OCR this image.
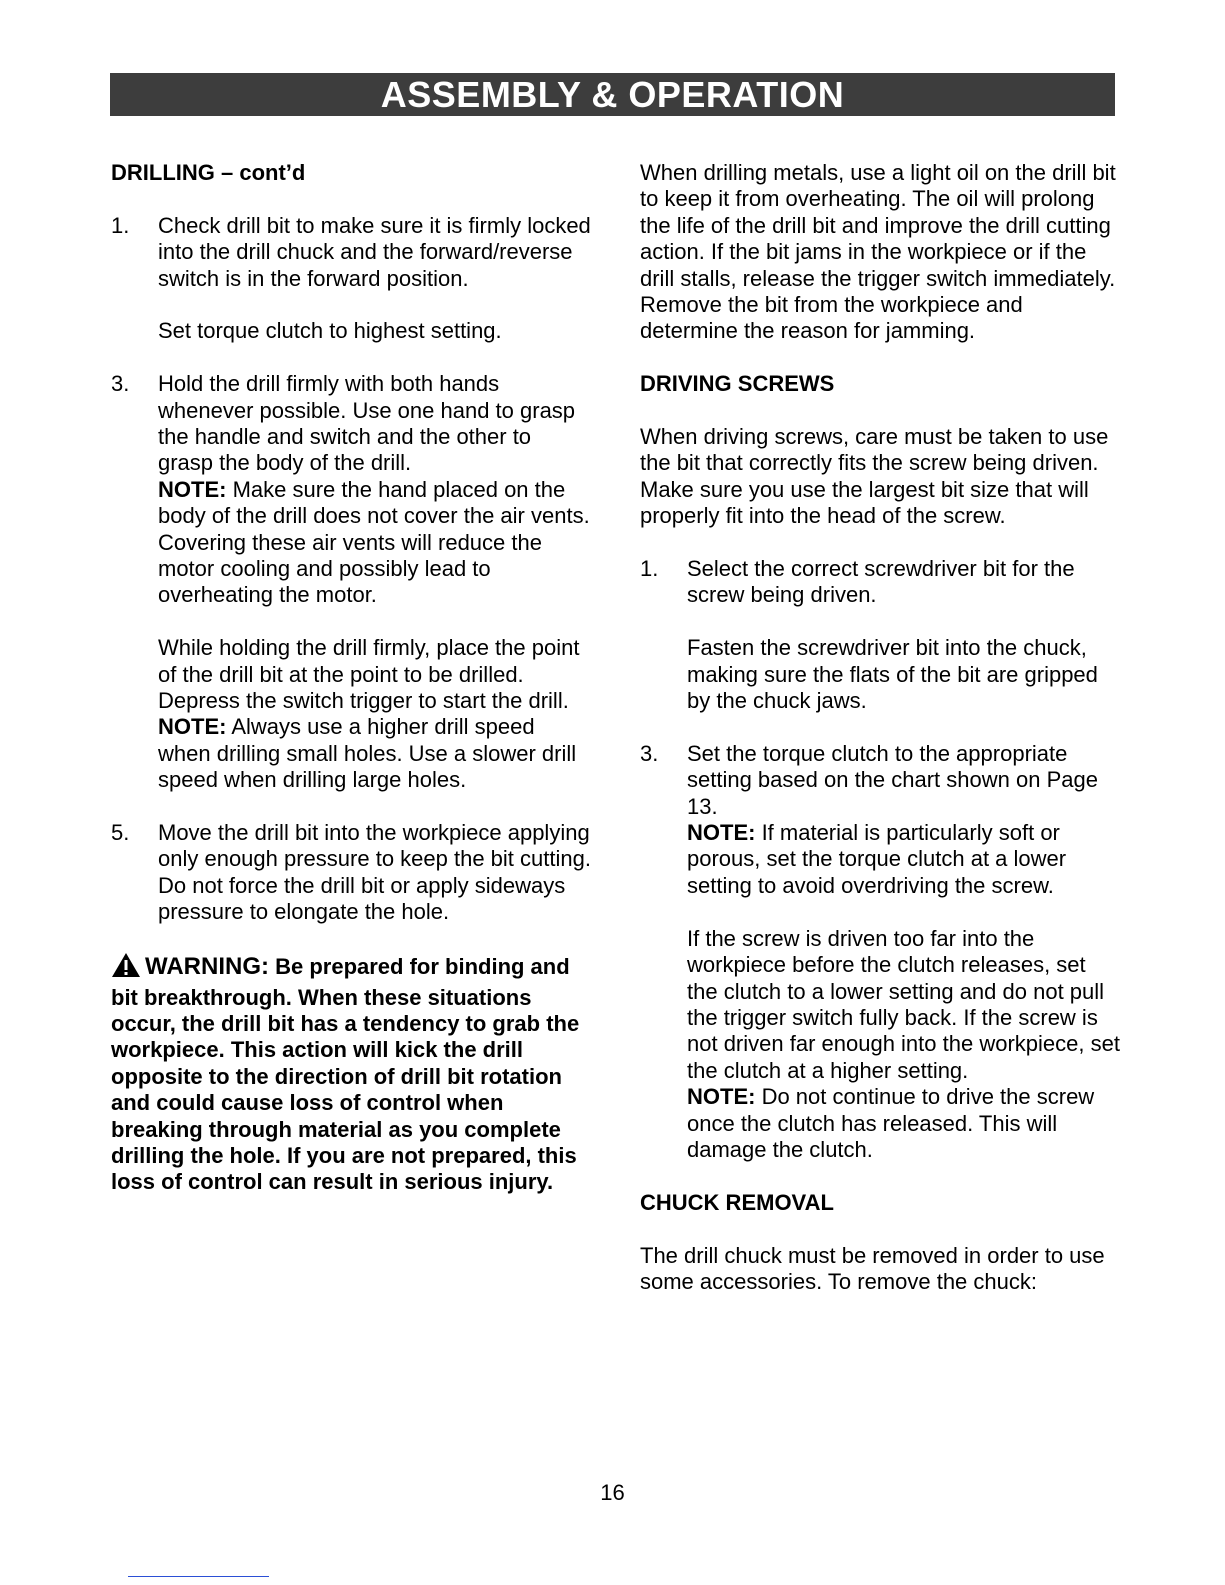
ASSEMBLY & OPERATION
DRILLING – cont’d
1. Check drill bit to make sure it is firmly locked into the drill chuck and the forward/reverse switch is in the forward position.
Set torque clutch to highest setting.
3. Hold the drill firmly with both hands whenever possible. Use one hand to grasp the handle and switch and the other to grasp the body of the drill.
NOTE: Make sure the hand placed on the body of the drill does not cover the air vents. Covering these air vents will reduce the motor cooling and possibly lead to overheating the motor.
While holding the drill firmly, place the point of the drill bit at the point to be drilled. Depress the switch trigger to start the drill.
NOTE: Always use a higher drill speed when drilling small holes. Use a slower drill speed when drilling large holes.
5. Move the drill bit into the workpiece applying only enough pressure to keep the bit cutting. Do not force the drill bit or apply sideways pressure to elongate the hole.
WARNING: Be prepared for binding and bit breakthrough. When these situations occur, the drill bit has a tendency to grab the workpiece. This action will kick the drill opposite to the direction of drill bit rotation and could cause loss of control when breaking through material as you complete drilling the hole. If you are not prepared, this loss of control can result in serious injury.
When drilling metals, use a light oil on the drill bit to keep it from overheating. The oil will prolong the life of the drill bit and improve the drill cutting action. If the bit jams in the workpiece or if the drill stalls, release the trigger switch immediately. Remove the bit from the workpiece and determine the reason for jamming.
DRIVING SCREWS
When driving screws, care must be taken to use the bit that correctly fits the screw being driven. Make sure you use the largest bit size that will properly fit into the head of the screw.
1. Select the correct screwdriver bit for the screw being driven.
Fasten the screwdriver bit into the chuck, making sure the flats of the bit are gripped by the chuck jaws.
3. Set the torque clutch to the appropriate setting based on the chart shown on Page 13.
NOTE: If material is particularly soft or porous, set the torque clutch at a lower setting to avoid overdriving the screw.
If the screw is driven too far into the workpiece before the clutch releases, set the clutch to a lower setting and do not pull the trigger switch fully back. If the screw is not driven far enough into the workpiece, set the clutch at a higher setting.
NOTE: Do not continue to drive the screw once the clutch has released. This will damage the clutch.
CHUCK REMOVAL
The drill chuck must be removed in order to use some accessories. To remove the chuck:
16
